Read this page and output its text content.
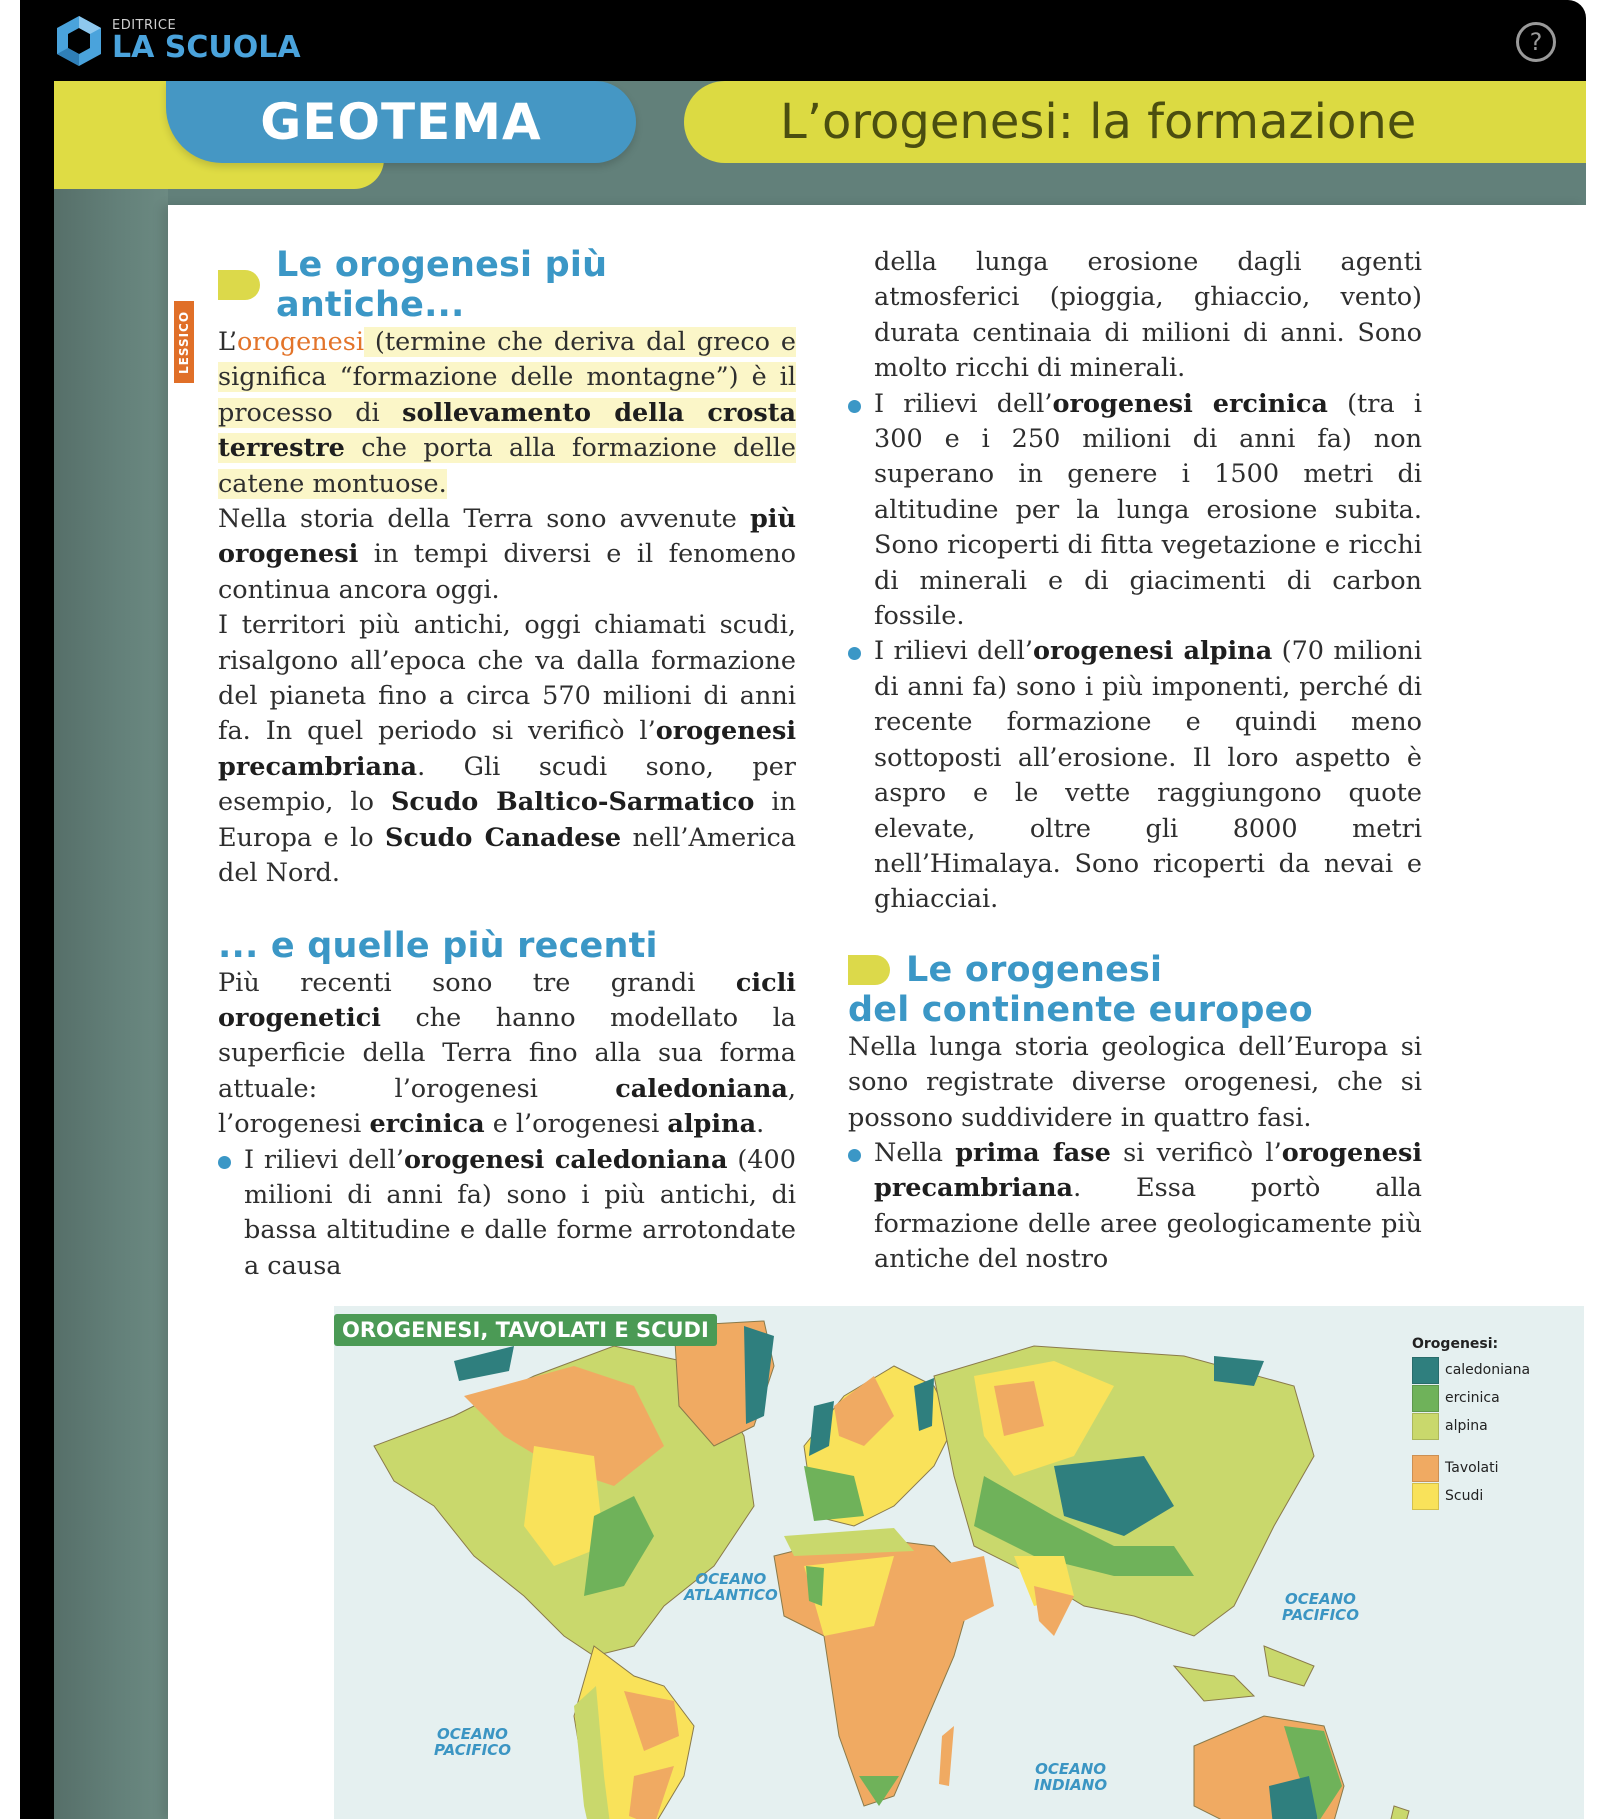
EDITRICE
LA SCUOLA	?
GEOTEMA	L’orogenesi: la formazione
LESSICO
Le orogenesi più antiche...

L’orogenesi (termine che deriva dal greco e significa “formazione delle montagne”) è il processo di sollevamento della crosta terrestre che porta alla formazione delle catene montuose.

Nella storia della Terra sono avvenute più orogenesi in tempi diversi e il fenomeno continua ancora oggi.

I territori più antichi, oggi chiamati scudi, risalgono all’epoca che va dalla formazione del pianeta fino a circa 570 milioni di anni fa. In quel periodo si verificò l’orogenesi precambriana. Gli scudi sono, per esempio, lo Scudo Baltico-Sarmatico in Europa e lo Scudo Canadese nell’America del Nord.

... e quelle più recenti

Più recenti sono tre grandi cicli orogenetici che hanno modellato la superficie della Terra fino alla sua forma attuale: l’orogenesi caledoniana, l’orogenesi ercinica e l’orogenesi alpina.

I rilievi dell’orogenesi caledoniana (400 milioni di anni fa) sono i più antichi, di bassa altitudine e dalle forme arrotondate a causa

della lunga erosione dagli agenti atmosferici (pioggia, ghiaccio, vento) durata centinaia di milioni di anni. Sono molto ricchi di minerali.

I rilievi dell’orogenesi ercinica (tra i 300 e i 250 milioni di anni fa) non superano in genere i 1500 metri di altitudine per la lunga erosione subita. Sono ricoperti di fitta vegetazione e ricchi di minerali e di giacimenti di carbon fossile.

I rilievi dell’orogenesi alpina (70 milioni di anni fa) sono i più imponenti, perché di recente formazione e quindi meno sottoposti all’erosione. Il loro aspetto è aspro e le vette raggiungono quote elevate, oltre gli 8000 metri nell’Himalaya. Sono ricoperti da nevai e ghiacciai.

Le orogenesi
del continente europeo

Nella lunga storia geologica dell’Europa si sono registrate diverse orogenesi, che si possono suddividere in quattro fasi.

Nella prima fase si verificò l’orogenesi precambriana. Essa portò alla formazione delle aree geologicamente più antiche del nostro

OROGENESI, TAVOLATI E SCUDI
OCEANO
ATLANTICO	OCEANO
PACIFICO
OCEANO
PACIFICO
OCEANO
INDIANO
Orogenesi:
caledoniana
ercinica
alpina
Tavolati
Scudi
